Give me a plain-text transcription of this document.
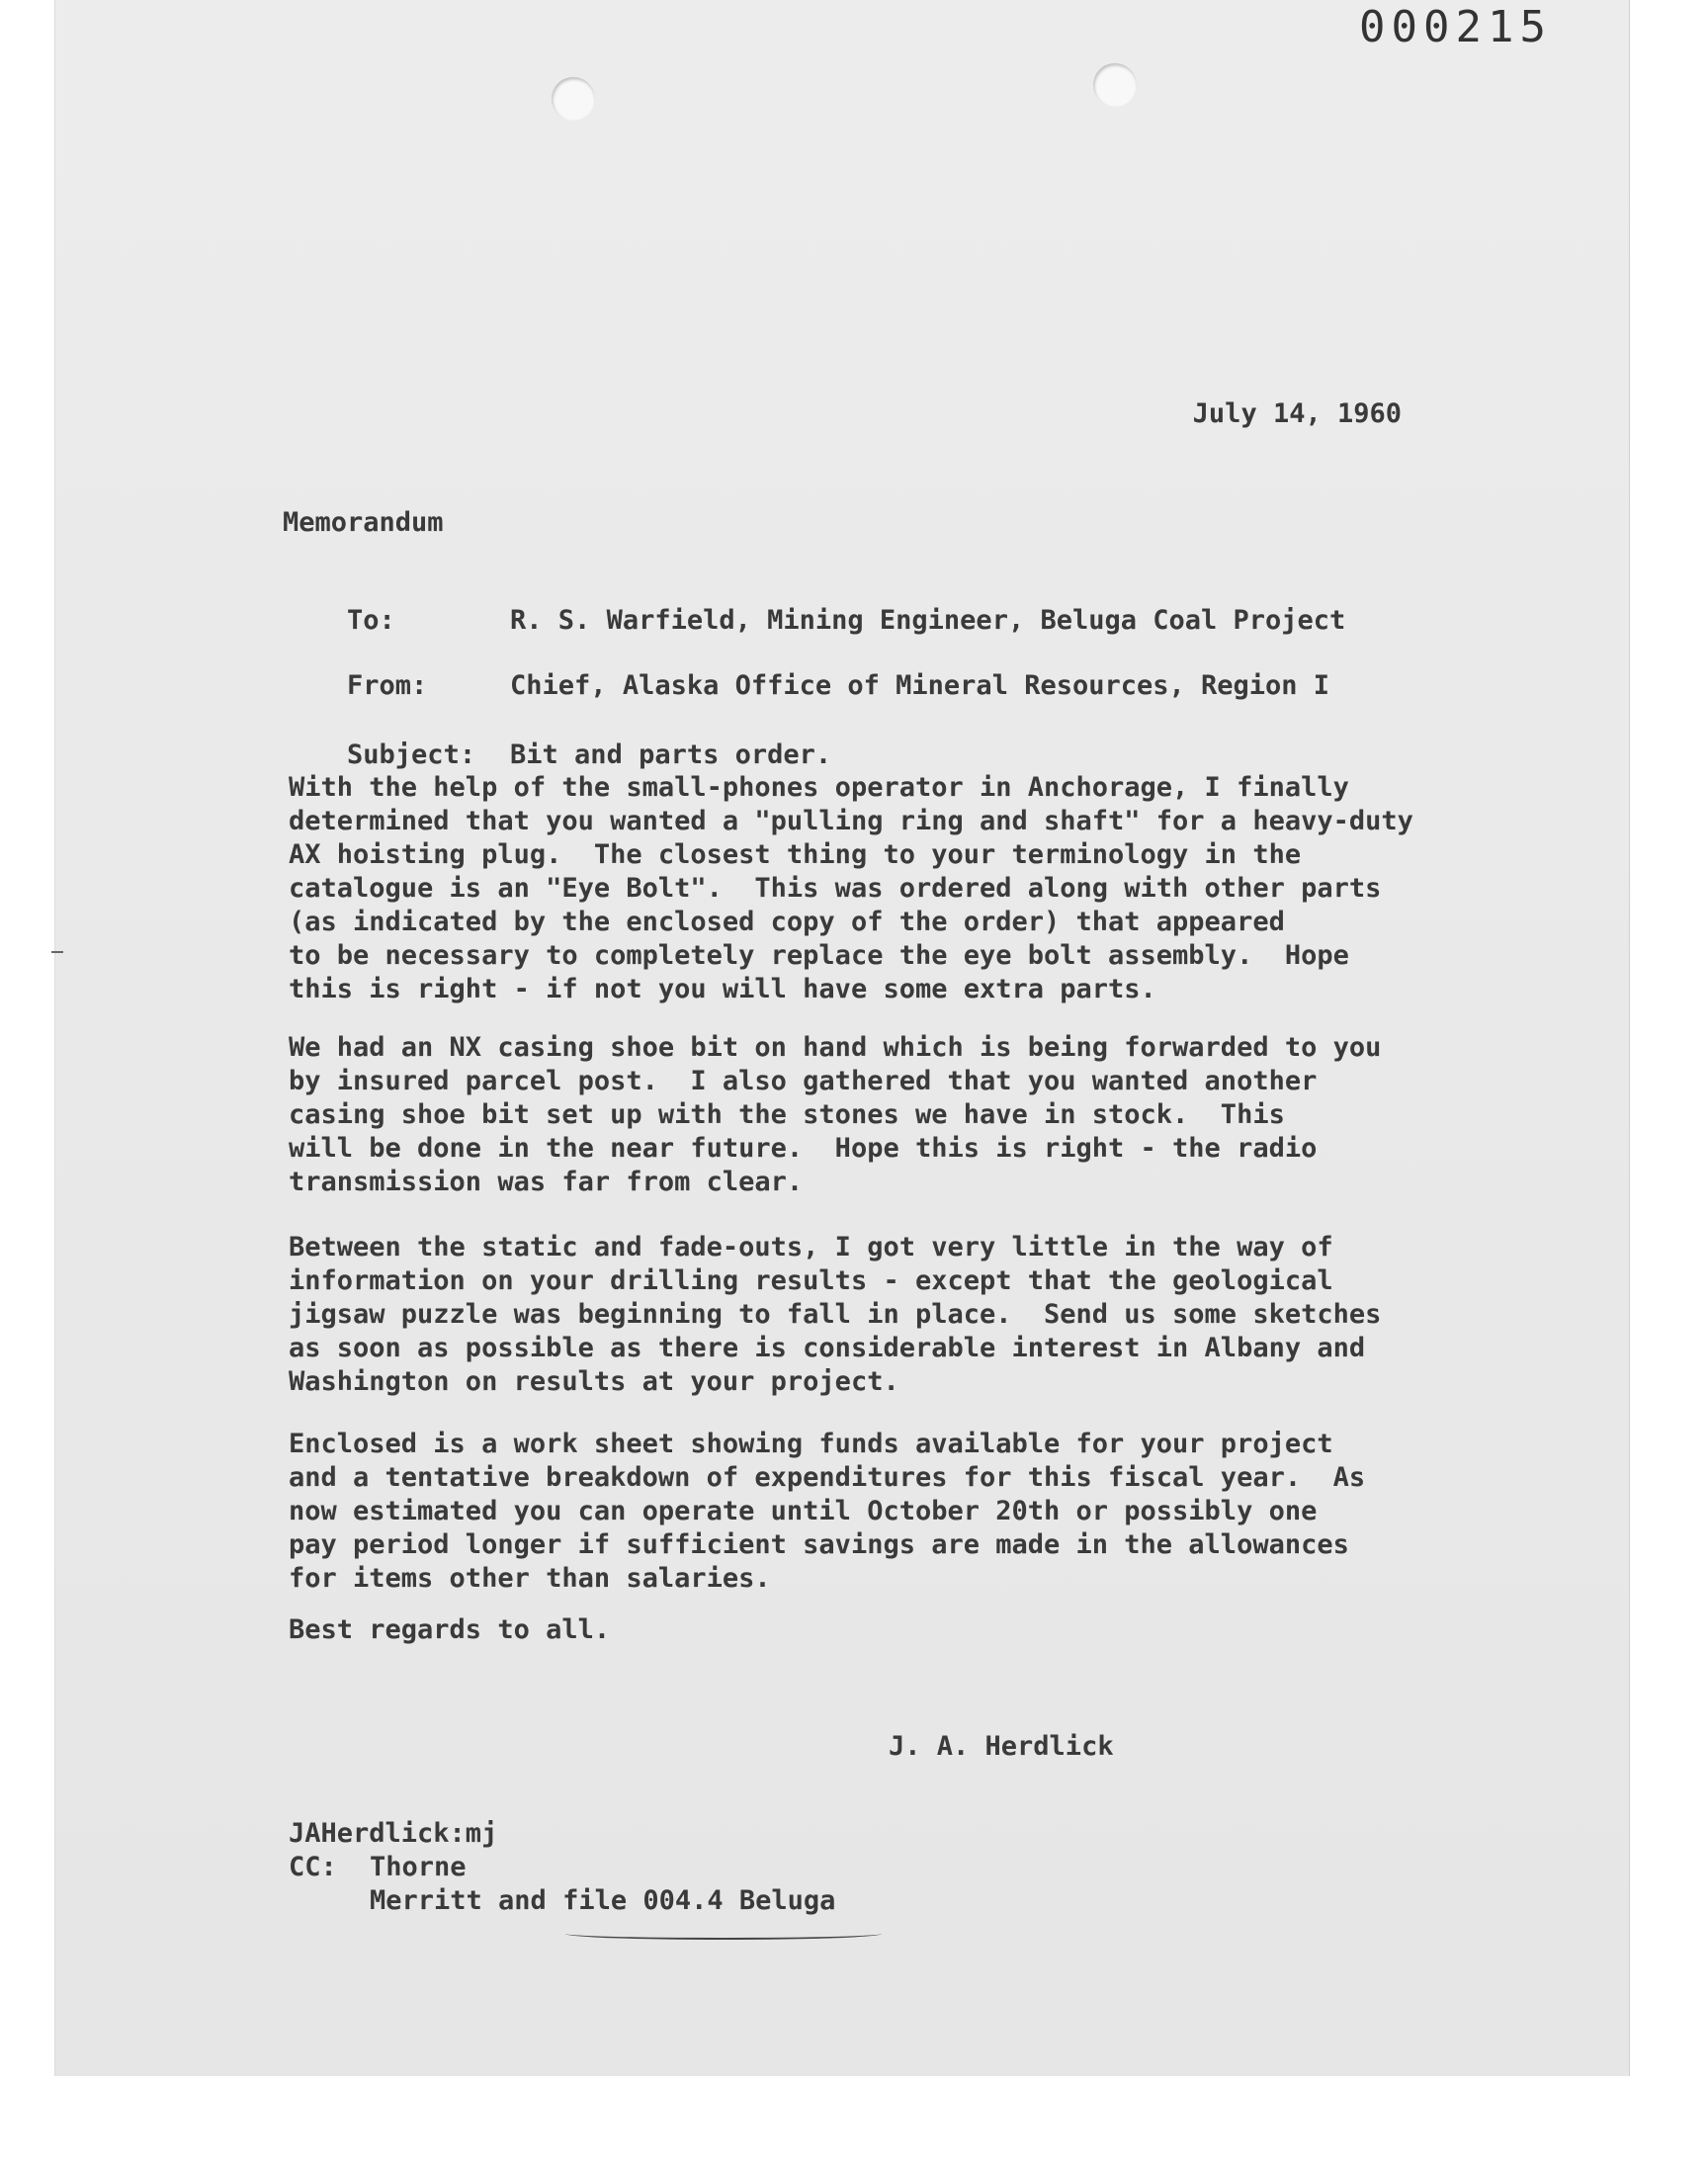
000215
July 14, 1960
Memorandum

To:	R. S. Warfield, Mining Engineer, Beluga Coal Project

From:	Chief, Alaska Office of Mineral Resources, Region I

Subject: Bit and parts order.

With the help of the small-phones operator in Anchorage, I finally
determined that you wanted a "pulling ring and shaft" for a heavy-duty
AX hoisting plug.  The closest thing to your terminology in the
catalogue is an "Eye Bolt".  This was ordered along with other parts
(as indicated by the enclosed copy of the order) that appeared
to be necessary to completely replace the eye bolt assembly.  Hope
this is right - if not you will have some extra parts.
We had an NX casing shoe bit on hand which is being forwarded to you
by insured parcel post.  I also gathered that you wanted another
casing shoe bit set up with the stones we have in stock.  This
will be done in the near future.  Hope this is right - the radio
transmission was far from clear.
Between the static and fade-outs, I got very little in the way of
information on your drilling results - except that the geological
jigsaw puzzle was beginning to fall in place.  Send us some sketches
as soon as possible as there is considerable interest in Albany and
Washington on results at your project.
Enclosed is a work sheet showing funds available for your project
and a tentative breakdown of expenditures for this fiscal year.  As
now estimated you can operate until October 20th or possibly one
pay period longer if sufficient savings are made in the allowances
for items other than salaries.
Best regards to all.
J. A. Herdlick
JAHerdlick:mj
CC: Thorne
Merritt and file 004.4 Beluga
